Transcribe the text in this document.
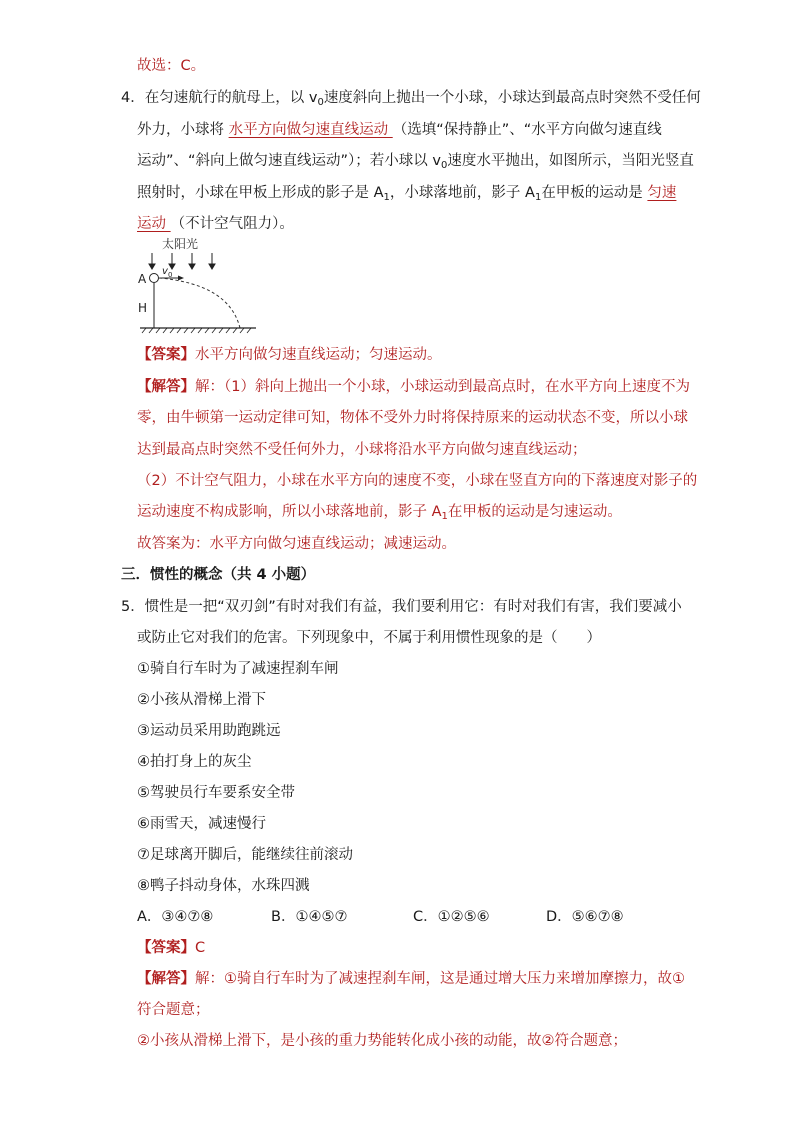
故选：C。
4．在匀速航行的航母上，以 $v_0$速度斜向上抛出一个小球，小球达到最高点时突然不受任何
外力，小球将 水平方向做匀速直线运动 （选填“保持静止”、“水平方向做匀速直线
运动”、“斜向上做匀速直线运动”）；若小球以 $v_0$速度水平抛出，如图所示，当阳光竖直
照射时，小球在甲板上形成的影子是 $A_1$，小球落地前，影子 $A_1$在甲板的运动是 匀速
运动 （不计空气阻力）。
太阳光
v 0
A
H
【答案】水平方向做匀速直线运动；匀速运动。
【解答】解：（1）斜向上抛出一个小球，小球运动到最高点时，在水平方向上速度不为
零，由牛顿第一运动定律可知，物体不受外力时将保持原来的运动状态不变，所以小球
达到最高点时突然不受任何外力，小球将沿水平方向做匀速直线运动；
（2）不计空气阻力，小球在水平方向的速度不变，小球在竖直方向的下落速度对影子的
运动速度不构成影响，所以小球落地前，影子 $A_1$在甲板的运动是匀速运动。
故答案为：水平方向做匀速直线运动；减速运动。
三．惯性的概念（共 4 小题）
5．惯性是一把“双刃剑”有时对我们有益，我们要利用它：有时对我们有害，我们要减小
或防止它对我们的危害。下列现象中，不属于利用惯性现象的是（　　）
①骑自行车时为了减速捏刹车闸
②小孩从滑梯上滑下
③运动员采用助跑跳远
④拍打身上的灰尘
⑤驾驶员行车要系安全带
⑥雨雪天，减速慢行
⑦足球离开脚后，能继续往前滚动
⑧鸭子抖动身体，水珠四溅
A．③④⑦⑧	B．①④⑤⑦	C．①②⑤⑥	D．⑤⑥⑦⑧
【答案】C
【解答】解：①骑自行车时为了减速捏刹车闸，这是通过增大压力来增加摩擦力，故①
符合题意；
②小孩从滑梯上滑下，是小孩的重力势能转化成小孩的动能，故②符合题意；
